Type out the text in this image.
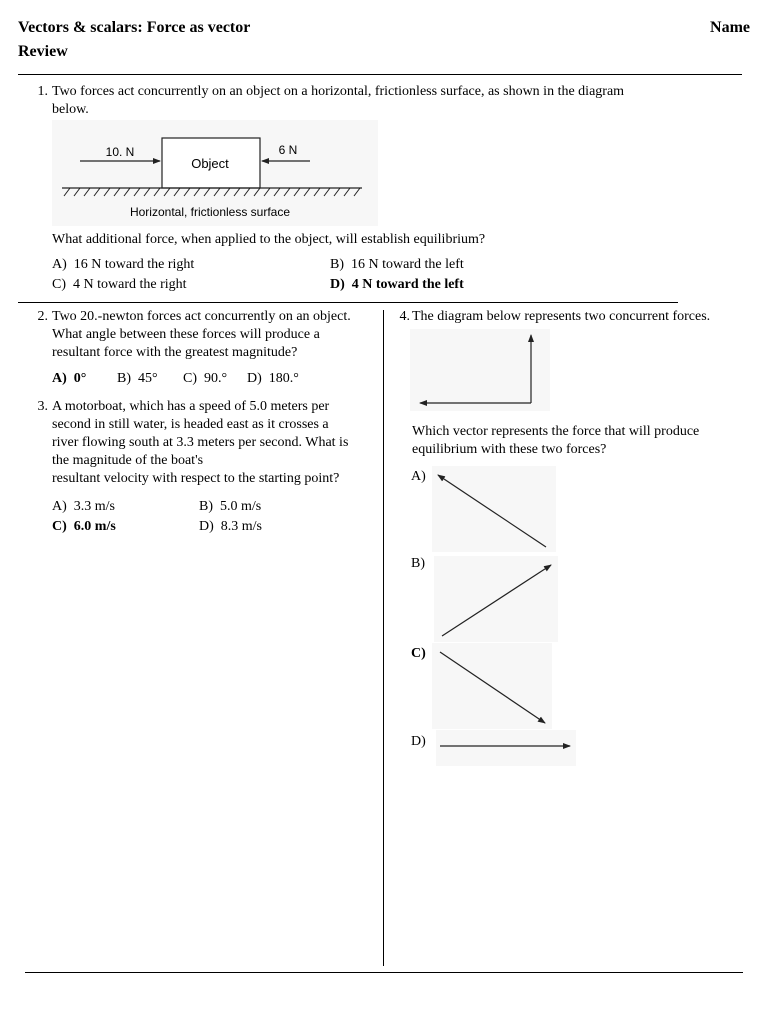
Vectors & scalars: Force as vector
Review
Name
1. Two forces act concurrently on an object on a horizontal, frictionless surface, as shown in the diagram
below.
Object
10. N	6 N
Horizontal, frictionless surface
What additional force, when applied to the object, will establish equilibrium?
A) 16 N toward the right	B) 16 N toward the left
C) 4 N toward the right	D) 4 N toward the left
2. Two 20.-newton forces act concurrently on an object.
What angle between these forces will produce a
resultant force with the greatest magnitude?
A) 0° B) 45° C) 90.° D) 180.°
3. A motorboat, which has a speed of 5.0 meters per
second in still water, is headed east as it crosses a
river flowing south at 3.3 meters per second. What is
the magnitude of the boat's
resultant velocity with respect to the starting point?
A) 3.3 m/s	B) 5.0 m/s
C) 6.0 m/s	D) 8.3 m/s
4. The diagram below represents two concurrent forces.
Which vector represents the force that will produce
equilibrium with these two forces?
A)
B)
C)
D)
